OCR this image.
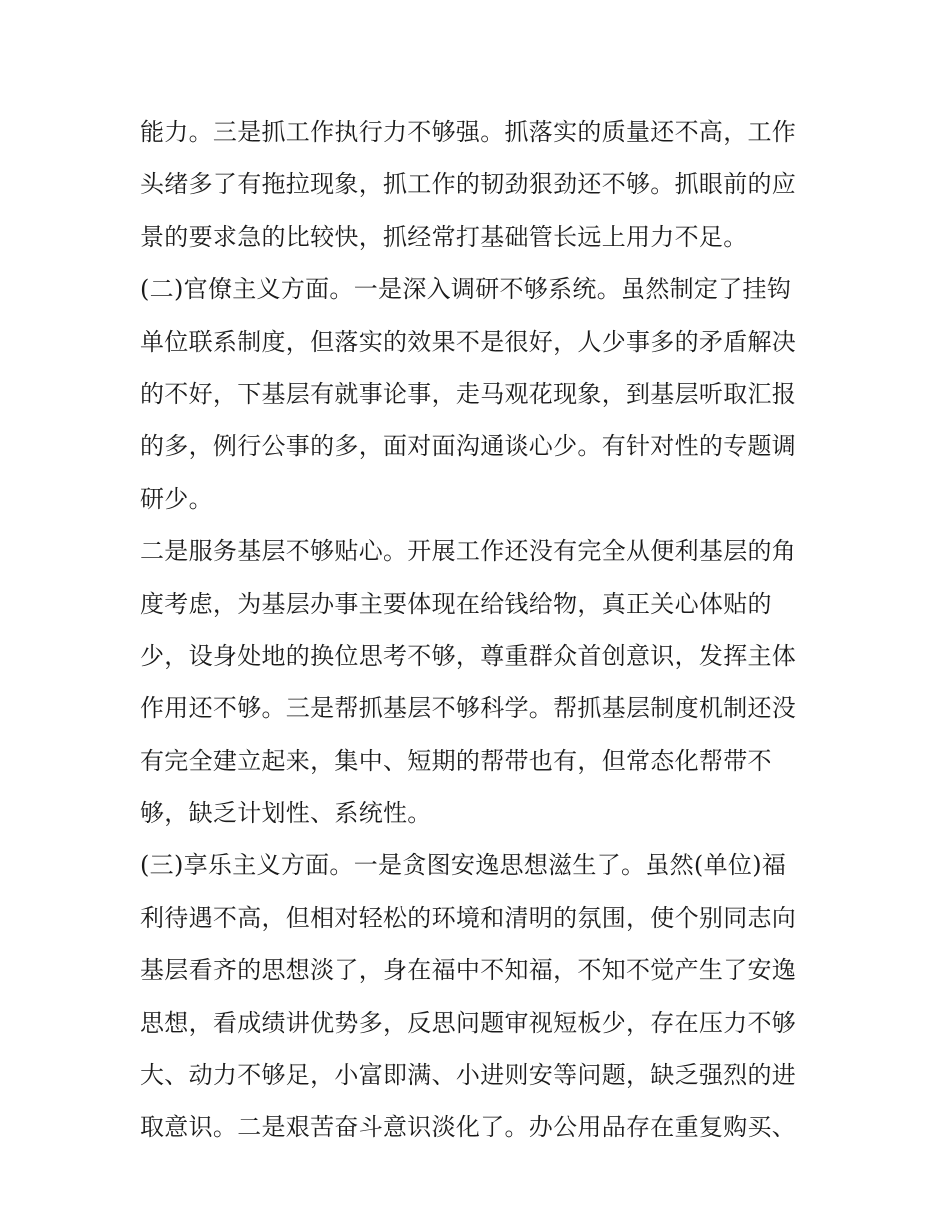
能力。三是抓工作执行力不够强。抓落实的质量还不高，工作
头绪多了有拖拉现象，抓工作的韧劲狠劲还不够。抓眼前的应
景的要求急的比较快，抓经常打基础管长远上用力不足。
(二)官僚主义方面。一是深入调研不够系统。虽然制定了挂钩
单位联系制度，但落实的效果不是很好，人少事多的矛盾解决
的不好，下基层有就事论事，走马观花现象，到基层听取汇报
的多，例行公事的多，面对面沟通谈心少。有针对性的专题调
研少。
二是服务基层不够贴心。开展工作还没有完全从便利基层的角
度考虑，为基层办事主要体现在给钱给物，真正关心体贴的
少，设身处地的换位思考不够，尊重群众首创意识，发挥主体
作用还不够。三是帮抓基层不够科学。帮抓基层制度机制还没
有完全建立起来，集中、短期的帮带也有，但常态化帮带不
够，缺乏计划性、系统性。
(三)享乐主义方面。一是贪图安逸思想滋生了。虽然(单位)福
利待遇不高，但相对轻松的环境和清明的氛围，使个别同志向
基层看齐的思想淡了，身在福中不知福，不知不觉产生了安逸
思想，看成绩讲优势多，反思问题审视短板少，存在压力不够
大、动力不够足，小富即满、小进则安等问题，缺乏强烈的进
取意识。二是艰苦奋斗意识淡化了。办公用品存在重复购买、
